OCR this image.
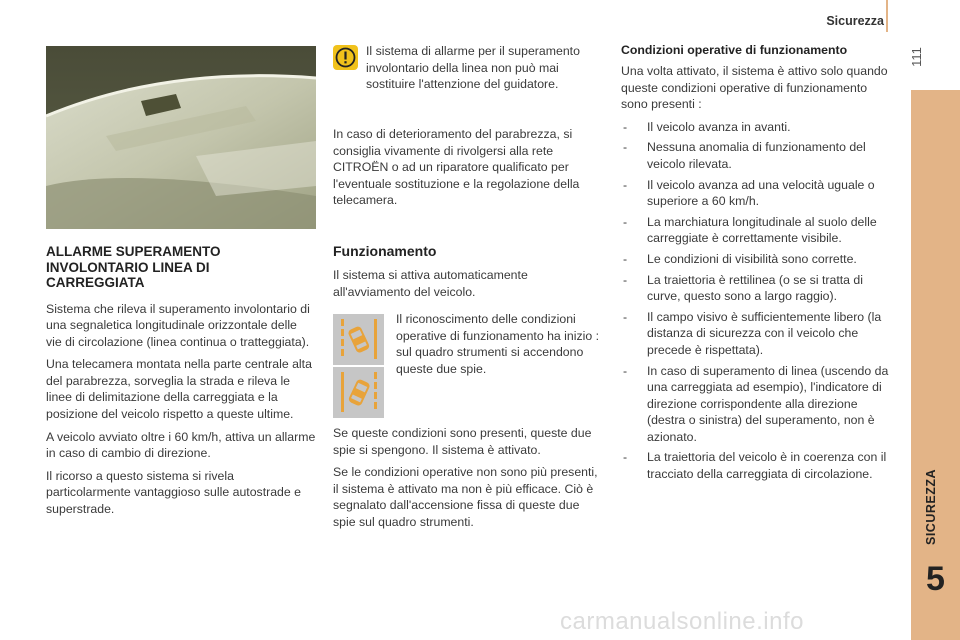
Sicurezza
111
SICUREZZA
5
ALLARME SUPERAMENTO INVOLONTARIO LINEA DI CARREGGIATA

Sistema che rileva il superamento involontario di una segnaletica longitudinale orizzontale delle vie di circolazione (linea continua o tratteggiata).

Una telecamera montata nella parte centrale alta del parabrezza, sorveglia la strada e rileva le linee di delimitazione della carreggiata e la posizione del veicolo rispetto a queste ultime.

A veicolo avviato oltre i 60 km/h, attiva un allarme in caso di cambio di direzione.

Il ricorso a questo sistema si rivela particolarmente vantaggioso sulle autostrade e superstrade.

Il sistema di allarme per il superamento involontario della linea non può mai sostituire l'attenzione del guidatore.

In caso di deterioramento del parabrezza, si consiglia vivamente di rivolgersi alla rete CITROËN o ad un riparatore qualificato per l'eventuale sostituzione e la regolazione della telecamera.

Funzionamento

Il sistema si attiva automaticamente all'avviamento del veicolo.

Il riconoscimento delle condizioni operative di funzionamento ha inizio : sul quadro strumenti si accendono queste due spie.

Se queste condizioni sono presenti, queste due spie si spengono. Il sistema è attivato.

Se le condizioni operative non sono più presenti, il sistema è attivato ma non è più efficace. Ciò è segnalato dall'accensione fissa di queste due spie sul quadro strumenti.

Condizioni operative di funzionamento

Una volta attivato, il sistema è attivo solo quando queste condizioni operative di funzionamento sono presenti :

- Il veicolo avanza in avanti.
- Nessuna anomalia di funzionamento del veicolo rilevata.
- Il veicolo avanza ad una velocità uguale o superiore a 60 km/h.
- La marchiatura longitudinale al suolo delle carreggiate è correttamente visibile.
- Le condizioni di visibilità sono corrette.
- La traiettoria è rettilinea (o se si tratta di curve, questo sono a largo raggio).
- Il campo visivo è sufficientemente libero (la distanza di sicurezza con il veicolo che precede è rispettata).
- In caso di superamento di linea (uscendo da una carreggiata ad esempio), l'indicatore di direzione corrispondente alla direzione (destra o sinistra) del superamento, non è azionato.
- La traiettoria del veicolo è in coerenza con il tracciato della carreggiata di circolazione.
carmanualsonline.info
